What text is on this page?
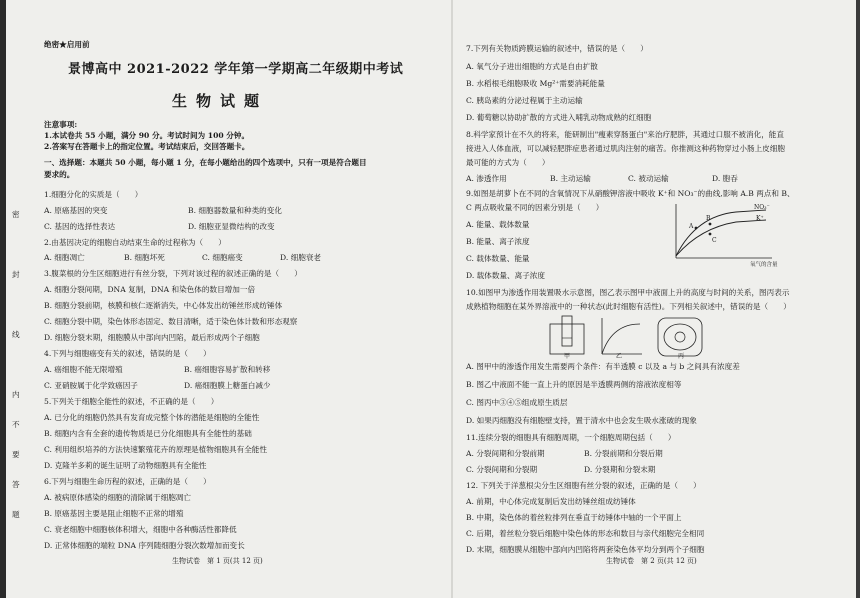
绝密★启用前
景博高中 2021-2022 学年第一学期高二年级期中考试
生物试题
注意事项:
1.本试卷共 55 小题，满分 90 分。考试时间为 100 分钟。
2.答案写在答题卡上的指定位置。考试结束后，交回答题卡。
一、选择题：本题共 50 小题，每小题 1 分，在每小题给出的四个选项中，只有一项是符合题目
要求的。
1.细胞分化的实质是（　　）
A. 原癌基因的突变	B. 细胞器数量和种类的变化
C. 基因的选择性表达	D. 细胞亚显微结构的改变
2.由基因决定的细胞自动结束生命的过程称为（　　）
A. 细胞凋亡	B. 细胞坏死	C. 细胞癌变	D. 细胞衰老
3.腹菜根的分生区细胞进行有丝分裂，下列对该过程的叙述正确的是（　　）
A. 细胞分裂间期，DNA 复制，DNA 和染色体的数目增加一倍
B. 细胞分裂前期，核膜和核仁逐渐消失，中心体发出纺锤丝形成纺锤体
C. 细胞分裂中期，染色体形态固定、数目清晰，适于染色体计数和形态观察
D. 细胞分裂末期，细胞膜从中部向内凹陷，最后形成两个子细胞
4.下列与细胞癌变有关的叙述，错误的是（　　）
A. 癌细胞不能无限增殖	B. 癌细胞容易扩散和转移
C. 亚硝胺属于化学致癌因子	D. 癌细胞膜上糖蛋白减少
5.下列关于细胞全能性的叙述，不正确的是（　　）
A. 已分化的细胞仍然具有发育成完整个体的潜能是细胞的全能性
B. 细胞内含有全套的遗传物质是已分化细胞具有全能性的基础
C. 利用组织培养的方法快速繁殖花卉的原理是植物细胞具有全能性
D. 克隆羊多莉的诞生证明了动物细胞具有全能性
6.下列与细胞生命历程的叙述，正确的是（　　）
A. 被病原体感染的细胞的清除属于细胞凋亡
B. 原癌基因主要是阻止细胞不正常的增殖
C. 衰老细胞中细胞核体积增大，细胞中各种酶活性都降低
D. 正常体细胞的端粒 DNA 序列随细胞分裂次数增加而变长
生物试卷　第 1 页(共 12 页)
密
封
线
内
不
要
答
题
7.下列有关物质跨膜运输的叙述中，错误的是（　　）
A. 氧气分子进出细胞的方式是自由扩散
B. 水稻根毛细胞吸收 Mg²⁺需要消耗能量
C. 胰岛素的分泌过程属于主动运输
D. 葡萄糖以协助扩散的方式进入哺乳动物成熟的红细胞
8.科学家预计在不久的将来，能研制出"瘦素穿肠蛋白"来治疗肥胖，其通过口服不被消化，能直
接进入人体血液，可以减轻肥胖症患者通过肌肉注射的痛苦。你推测这种药物穿过小肠上皮细胞
最可能的方式为（　　）
A. 渗透作用	B. 主动运输	C. 被动运输	D. 胞吞
9.如图是胡萝卜在不同的含氧情况下从硝酸钾溶液中吸收 K⁺和 NO₃⁻的曲线,影响 A.B 两点和 B、
C 两点吸收量不同的因素分别是（　　）
A. 能量、载体数量
B. 能量、离子浓度
C. 载体数量、能量
D. 载体数量、离子浓度
NO₃⁻
K⁺
氧气的含量
A
B
C
10.如图甲为渗透作用装置吸水示意图，图乙表示图甲中液面上升的高度与时间的关系，图丙表示
成熟植物细胞在某外界溶液中的一种状态(此时细胞有活性)。下列相关叙述中，错误的是（　　）
甲	乙	丙
A. 图甲中的渗透作用发生需要两个条件：有半透膜 c 以及 a 与 b 之间具有浓度差
B. 图乙中液面不能一直上升的原因是半透膜两侧的溶液浓度相等
C. 图丙中③④⑤组成原生质层
D. 如果丙细胞没有细胞壁支持，置于清水中也会发生吸水涨破的现象
11.连续分裂的细胞具有细胞周期，一个细胞周期包括（　　）
A. 分裂间期和分裂前期	B. 分裂前期和分裂后期
C. 分裂间期和分裂期	D. 分裂期和分裂末期
12. 下列关于洋葱根尖分生区细胞有丝分裂的叙述，正确的是（　　）
A. 前期，中心体完成复制后发出纺锤丝组成纺锤体
B. 中期，染色体的着丝粒排列在垂直于纺锤体中轴的一个平面上
C. 后期，着丝粒分裂后细胞中染色体的形态和数目与亲代细胞完全相同
D. 末期，细胞膜从细胞中部向内凹陷将两套染色体平均分到两个子细胞
生物试卷　第 2 页(共 12 页)
